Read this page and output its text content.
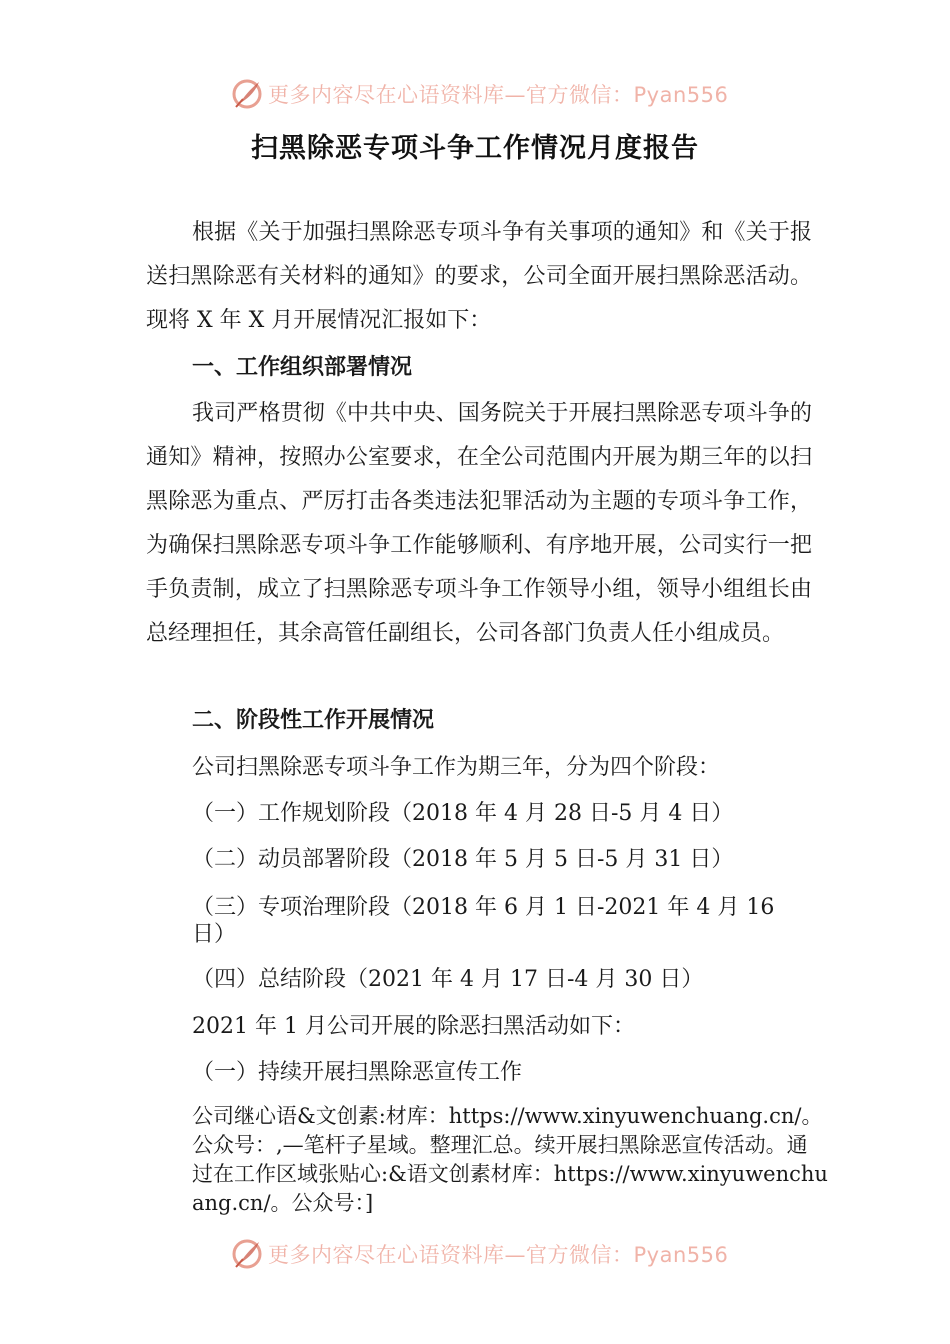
更多内容尽在心语资料库—官方微信：Pyan556
扫黑除恶专项斗争工作情况月度报告
根据《关于加强扫黑除恶专项斗争有关事项的通知》和《关于报送扫黑除恶有关材料的通知》的要求，公司全面开展扫黑除恶活动。现将 X 年 X 月开展情况汇报如下：
一、工作组织部署情况
我司严格贯彻《中共中央、国务院关于开展扫黑除恶专项斗争的通知》精神，按照办公室要求，在全公司范围内开展为期三年的以扫黑除恶为重点、严厉打击各类违法犯罪活动为主题的专项斗争工作，为确保扫黑除恶专项斗争工作能够顺利、有序地开展，公司实行一把手负责制，成立了扫黑除恶专项斗争工作领导小组，领导小组组长由总经理担任，其余高管任副组长，公司各部门负责人任小组成员。
二、阶段性工作开展情况
公司扫黑除恶专项斗争工作为期三年，分为四个阶段：
（一）工作规划阶段（2018 年 4 月 28 日-5 月 4 日）
（二）动员部署阶段（2018 年 5 月 5 日-5 月 31 日）
（三）专项治理阶段（2018 年 6 月 1 日-2021 年 4 月 16 日）
（四）总结阶段（2021 年 4 月 17 日-4 月 30 日）
2021 年 1 月公司开展的除恶扫黑活动如下：
（一）持续开展扫黑除恶宣传工作
公司继心语&文创素:材库：https://www.xinyuwenchuang.cn/。公众号：,—笔杆子星域。整理汇总。续开展扫黑除恶宣传活动。通过在工作区域张贴心:&语文创素材库：https://www.xinyuwenchuang.cn/。公众号：]
更多内容尽在心语资料库—官方微信：Pyan556
